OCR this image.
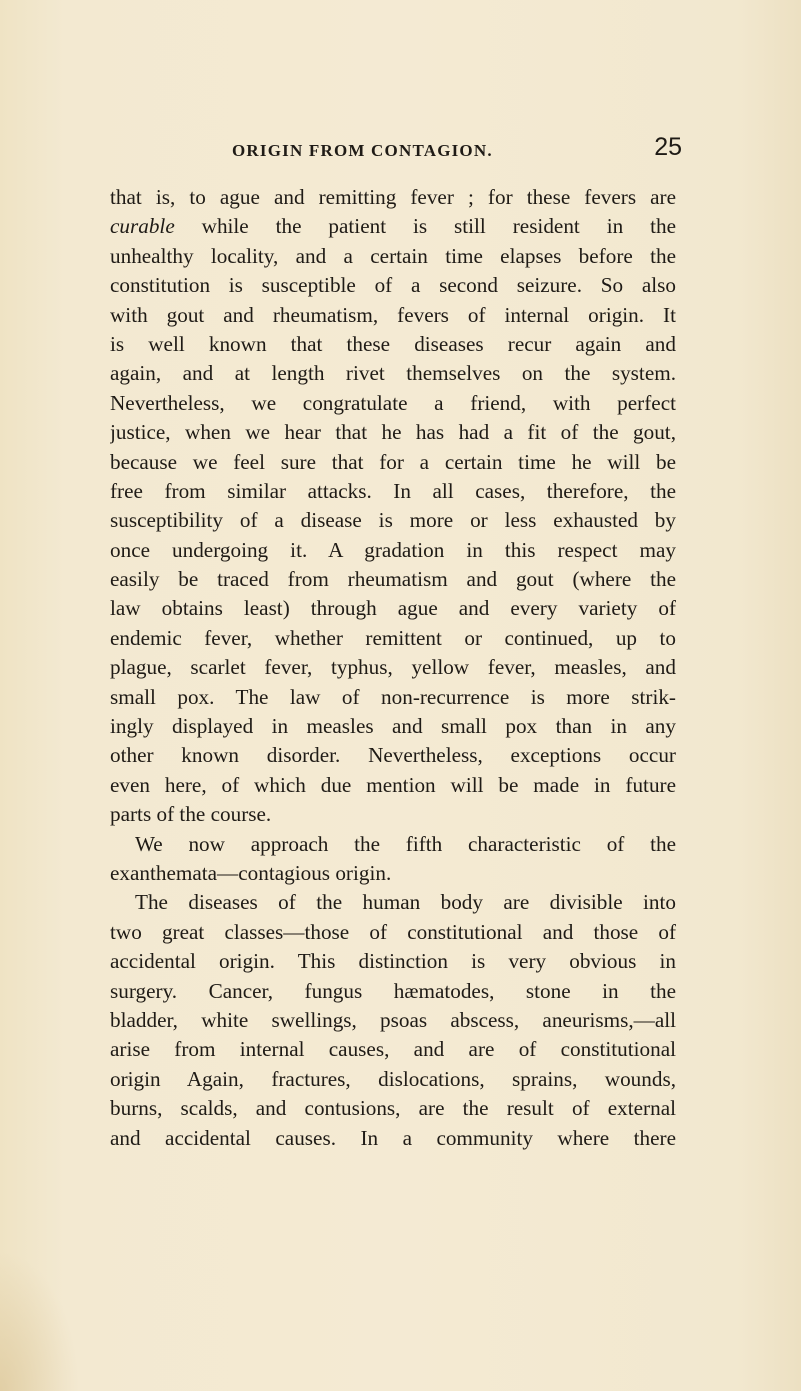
ORIGIN FROM CONTAGION.	25
that is, to ague and remitting fever ; for these fevers are
curable while the patient is still resident in the
unhealthy locality, and a certain time elapses before the
constitution is susceptible of a second seizure. So also
with gout and rheumatism, fevers of internal origin. It
is well known that these diseases recur again and
again, and at length rivet themselves on the system.
Nevertheless, we congratulate a friend, with perfect
justice, when we hear that he has had a fit of the gout,
because we feel sure that for a certain time he will be
free from similar attacks. In all cases, therefore, the
susceptibility of a disease is more or less exhausted by
once undergoing it. A gradation in this respect may
easily be traced from rheumatism and gout (where the
law obtains least) through ague and every variety of
endemic fever, whether remittent or continued, up to
plague, scarlet fever, typhus, yellow fever, measles, and
small pox. The law of non-recurrence is more strik-
ingly displayed in measles and small pox than in any
other known disorder. Nevertheless, exceptions occur
even here, of which due mention will be made in future
parts of the course.
We now approach the fifth characteristic of the
exanthemata—contagious origin.
The diseases of the human body are divisible into
two great classes—those of constitutional and those of
accidental origin. This distinction is very obvious in
surgery. Cancer, fungus hæmatodes, stone in the
bladder, white swellings, psoas abscess, aneurisms,—all
arise from internal causes, and are of constitutional
origin Again, fractures, dislocations, sprains, wounds,
burns, scalds, and contusions, are the result of external
and accidental causes. In a community where there
